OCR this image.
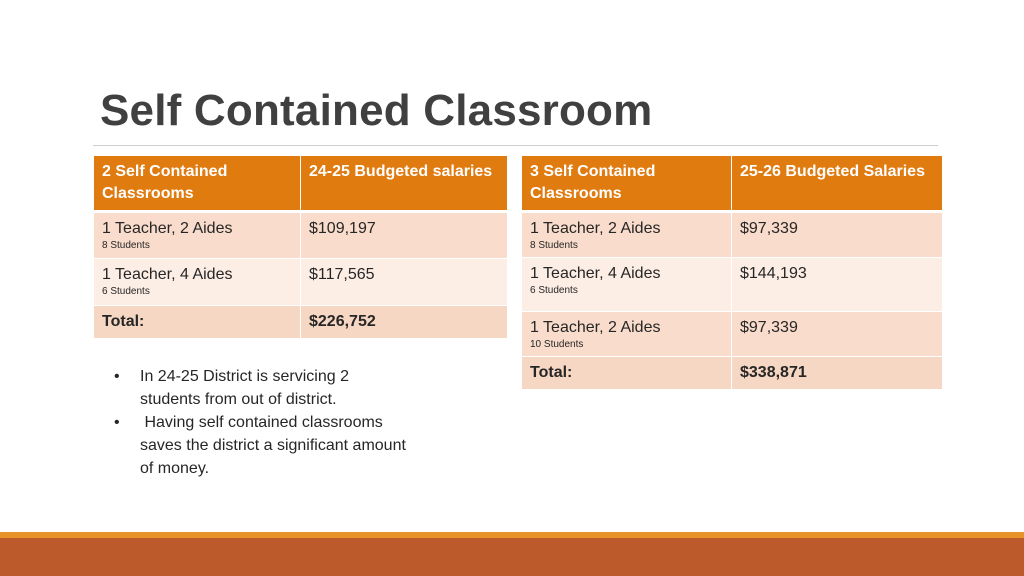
Self Contained Classroom
2 Self Contained Classrooms	24-25 Budgeted salaries
1 Teacher, 2 Aides
8 Students	$109,197
1 Teacher, 4 Aides
6 Students	$117,565
Total:	$226,752
3 Self Contained Classrooms	25-26 Budgeted Salaries
1 Teacher, 2 Aides
8 Students	$97,339
1 Teacher, 4 Aides
6 Students	$144,193
1 Teacher, 2 Aides
10 Students	$97,339
Total:	$338,871
• In 24-25 District is servicing 2 students from out of district.
• Having self contained classrooms saves the district a significant amount of money.
